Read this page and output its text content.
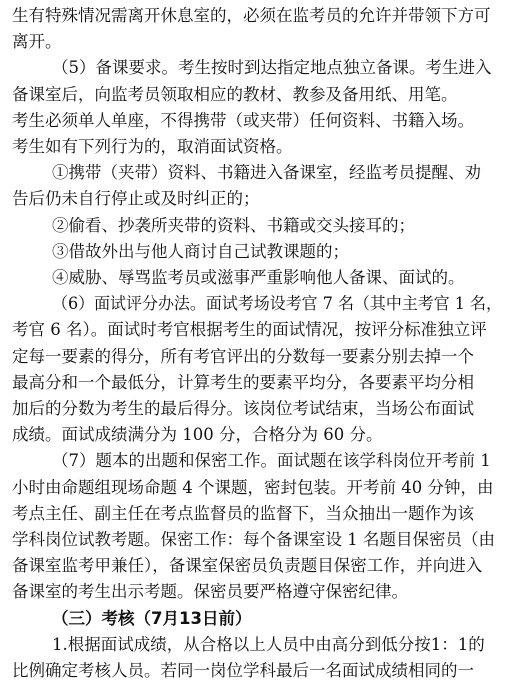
生有特殊情况需离开休息室的，必须在监考员的允许并带领下方可
离开。
（5）备课要求。考生按时到达指定地点独立备课。考生进入
备课室后，向监考员领取相应的教材、教参及备用纸、用笔。
考生必须单人单座，不得携带（或夹带）任何资料、书籍入场。
考生如有下列行为的，取消面试资格。
①携带（夹带）资料、书籍进入备课室，经监考员提醒、劝
告后仍未自行停止或及时纠正的；
②偷看、抄袭所夹带的资料、书籍或交头接耳的；
③借故外出与他人商讨自己试教课题的；
④威胁、辱骂监考员或滋事严重影响他人备课、面试的。
（6）面试评分办法。面试考场设考官 7 名（其中主考官 1 名，
考官 6 名）。面试时考官根据考生的面试情况，按评分标准独立评
定每一要素的得分，所有考官评出的分数每一要素分别去掉一个
最高分和一个最低分，计算考生的要素平均分，各要素平均分相
加后的分数为考生的最后得分。该岗位考试结束，当场公布面试
成绩。面试成绩满分为 100 分，合格分为 60 分。
（7）题本的出题和保密工作。面试题在该学科岗位开考前 1
小时由命题组现场命题 4 个课题，密封包装。开考前 40 分钟，由
考点主任、副主任在考点监督员的监督下，当众抽出一题作为该
学科岗位试教考题。保密工作：每个备课室设 1 名题目保密员（由
备课室监考甲兼任），备课室保密员负责题目保密工作，并向进入
备课室的考生出示考题。保密员要严格遵守保密纪律。
（三）考核（7月13日前）
1.根据面试成绩，从合格以上人员中由高分到低分按1：1的
比例确定考核人员。若同一岗位学科最后一名面试成绩相同的一
